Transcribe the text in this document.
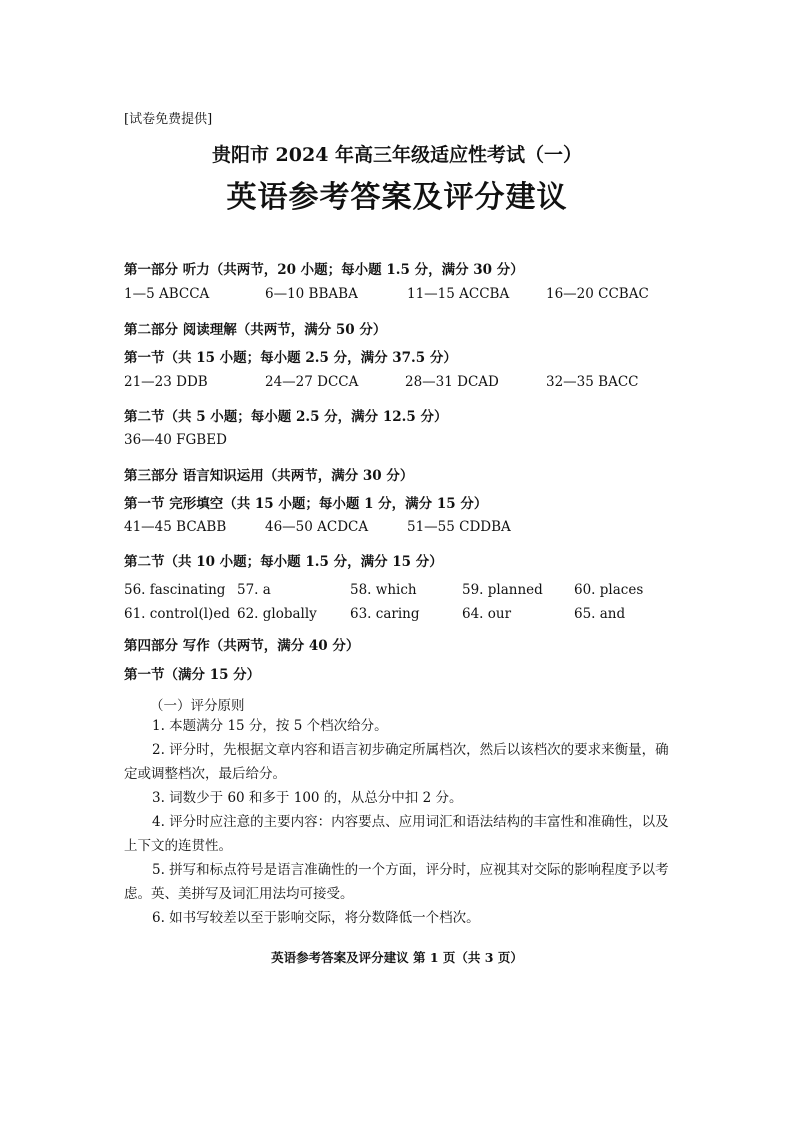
[试卷免费提供]
贵阳市 2024 年高三年级适应性考试（一）
英语参考答案及评分建议
第一部分 听力（共两节，20 小题；每小题 1.5 分，满分 30 分）
1—5 ABCCA	6—10 BBABA	11—15 ACCBA	16—20 CCBAC
第二部分 阅读理解（共两节，满分 50 分）
第一节（共 15 小题；每小题 2.5 分，满分 37.5 分）
21—23 DDB	24—27 DCCA	28—31 DCAD	32—35 BACC
第二节（共 5 小题；每小题 2.5 分，满分 12.5 分）
36—40 FGBED
第三部分 语言知识运用（共两节，满分 30 分）
第一节 完形填空（共 15 小题；每小题 1 分，满分 15 分）
41—45 BCABB	46—50 ACDCA	51—55 CDDBA
第二节（共 10 小题；每小题 1.5 分，满分 15 分）
56. fascinating 57. a	58. which	59. planned 60. places
61. control(l)ed 62. globally 63. caring	64. our	65. and
第四部分 写作（共两节，满分 40 分）
第一节（满分 15 分）
（一）评分原则
1. 本题满分 15 分，按 5 个档次给分。
2. 评分时，先根据文章内容和语言初步确定所属档次，然后以该档次的要求来衡量，确定或调整档次，最后给分。
3. 词数少于 60 和多于 100 的，从总分中扣 2 分。
4. 评分时应注意的主要内容：内容要点、应用词汇和语法结构的丰富性和准确性，以及上下文的连贯性。
5. 拼写和标点符号是语言准确性的一个方面，评分时，应视其对交际的影响程度予以考虑。英、美拼写及词汇用法均可接受。
6. 如书写较差以至于影响交际，将分数降低一个档次。
英语参考答案及评分建议 第 1 页（共 3 页）
